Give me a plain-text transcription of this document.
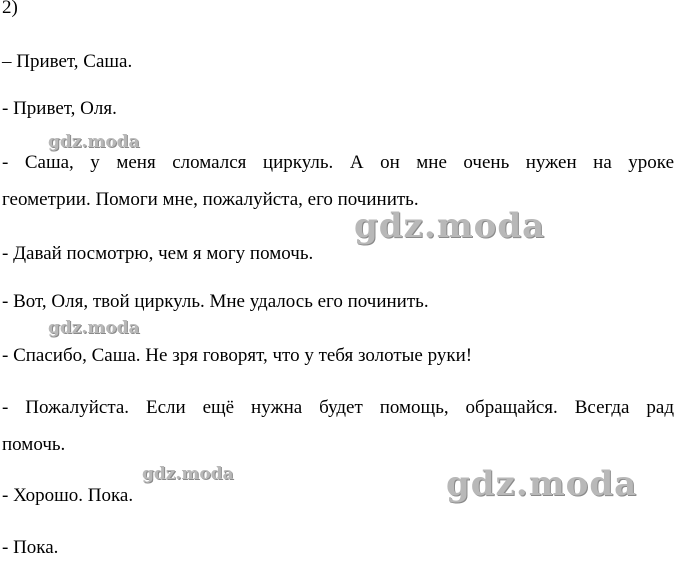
2)
– Привет, Саша.
- Привет, Оля.
- Саша, у меня сломался циркуль. А он мне очень нужен на уроке
геометрии. Помоги мне, пожалуйста, его починить.
- Давай посмотрю, чем я могу помочь.
- Вот, Оля, твой циркуль. Мне удалось его починить.
- Спасибо, Саша. Не зря говорят, что у тебя золотые руки!
- Пожалуйста. Если ещё нужна будет помощь, обращайся. Всегда рад
помочь.
- Хорошо. Пока.
- Пока.
gdz.moda
gdz.moda
gdz.moda
gdz.moda	gdz.moda
